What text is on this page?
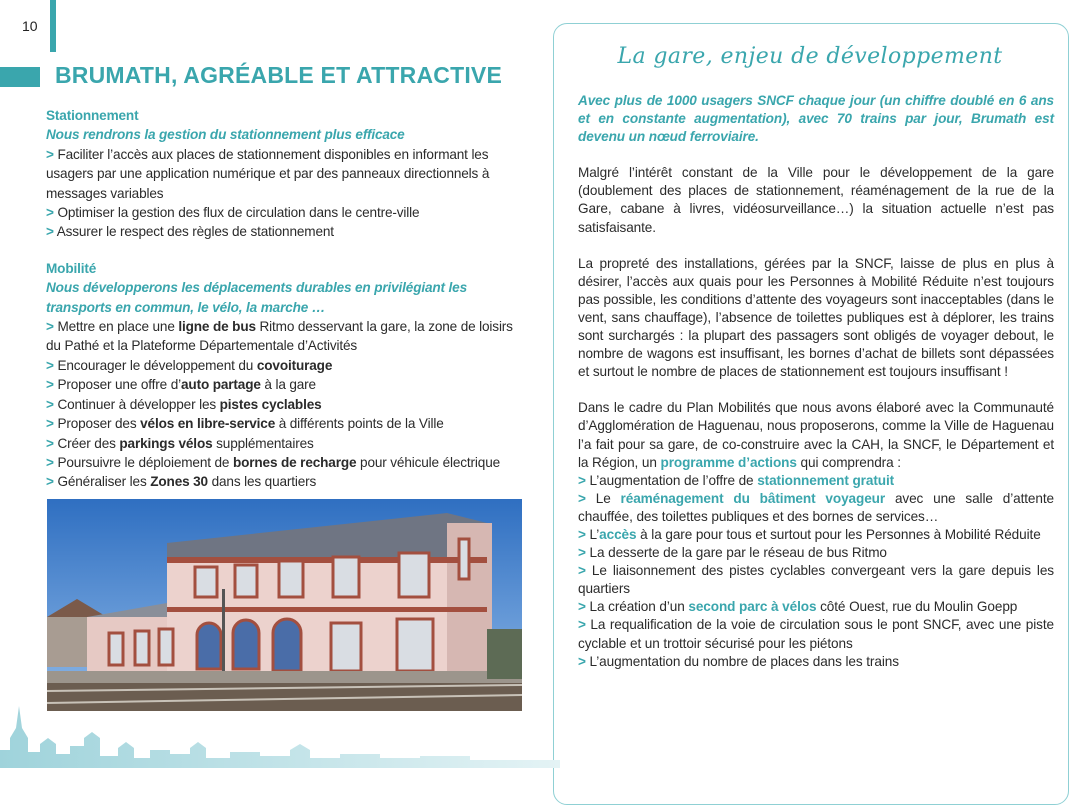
10
BRUMATH, AGRÉABLE ET ATTRACTIVE

Stationnement

Nous rendrons la gestion du stationnement plus efficace

> Faciliter l’accès aux places de stationnement disponibles en informant les usagers par une application numérique et par des panneaux directionnels à messages variables

> Optimiser la gestion des flux de circulation dans le centre-ville

> Assurer le respect des règles de stationnement

Mobilité

Nous développerons les déplacements durables en privilégiant les transports en commun, le vélo, la marche …

> Mettre en place une ligne de bus Ritmo desservant la gare, la zone de loisirs du Pathé et la Plateforme Départementale d’Activités

> Encourager le développement du covoiturage

> Proposer une offre d’auto partage à la gare

> Continuer à développer les pistes cyclables

> Proposer des vélos en libre-service à différents points de la Ville

> Créer des parkings vélos supplémentaires

> Poursuivre le déploiement de bornes de recharge pour véhicule électrique

> Généraliser les Zones 30 dans les quartiers

La gare, enjeu de développement

Avec plus de 1000 usagers SNCF chaque jour (un chiffre doublé en 6 ans et en constante augmentation), avec 70 trains par jour, Brumath est devenu un nœud ferroviaire.

Malgré l’intérêt constant de la Ville pour le développement de la gare (doublement des places de stationnement, réaménagement de la rue de la Gare, cabane à livres, vidéosurveillance…) la situation actuelle n’est pas satisfaisante.

La propreté des installations, gérées par la SNCF, laisse de plus en plus à désirer, l’accès aux quais pour les Personnes à Mobilité Réduite n’est toujours pas possible, les conditions d’attente des voyageurs sont inacceptables (dans le vent, sans chauffage), l’absence de toilettes publiques est à déplorer, les trains sont surchargés : la plupart des passagers sont obligés de voyager debout, le nombre de wagons est insuffisant, les bornes d’achat de billets sont dépassées et surtout le nombre de places de stationnement est toujours insuffisant !

Dans le cadre du Plan Mobilités que nous avons élaboré avec la Communauté d’Agglomération de Haguenau, nous proposerons, comme la Ville de Haguenau l’a fait pour sa gare, de co-construire avec la CAH, la SNCF, le Département et la Région, un programme d’actions qui comprendra :

> L’augmentation de l’offre de stationnement gratuit

> Le réaménagement du bâtiment voyageur avec une salle d’attente chauffée, des toilettes publiques et des bornes de services…

> L’accès à la gare pour tous et surtout pour les Personnes à Mobilité Réduite

> La desserte de la gare par le réseau de bus Ritmo

> Le liaisonnement des pistes cyclables convergeant vers la gare depuis les quartiers

> La création d’un second parc à vélos côté Ouest, rue du Moulin Goepp

> La requalification de la voie de circulation sous le pont SNCF, avec une piste cyclable et un trottoir sécurisé pour les piétons

> L’augmentation du nombre de places dans les trains
